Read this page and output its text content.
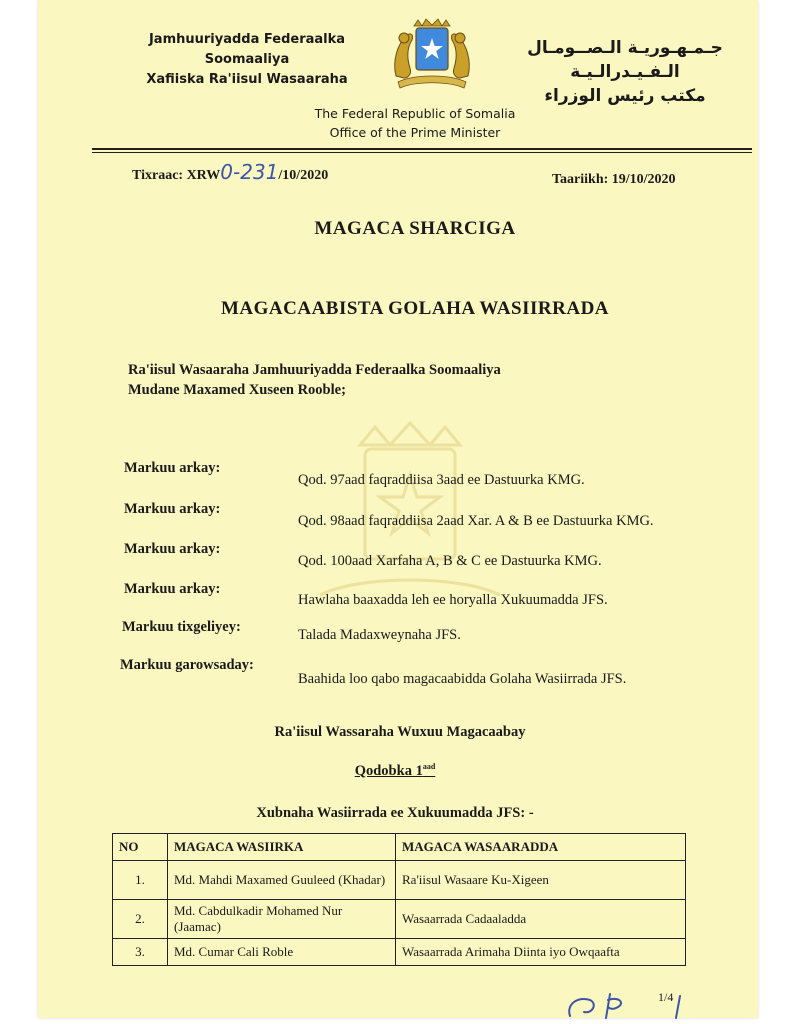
Jamhuuriyadda Federaalka Soomaaliya
Xafiiska Ra'iisul Wasaaraha
جـمـهـوريـة الـصــومـال الـفـيـدرالـيـة
مكتب رئيس الوزراء
The Federal Republic of Somalia
Office of the Prime Minister
Tixraac: XRW0-231/10/2020	Taariikh: 19/10/2020
MAGACA SHARCIGA
MAGACAABISTA GOLAHA WASIIRRADA
Ra'iisul Wasaaraha Jamhuuriyadda Federaalka Soomaaliya
Mudane Maxamed Xuseen Rooble;
Markuu arkay:
Qod. 97aad faqraddiisa 3aad ee Dastuurka KMG.
Markuu arkay:
Qod. 98aad faqraddiisa 2aad Xar. A & B ee Dastuurka KMG.
Markuu arkay:
Qod. 100aad Xarfaha A, B & C ee Dastuurka KMG.
Markuu arkay:
Hawlaha baaxadda leh ee horyalla Xukuumadda JFS.
Markuu tixgeliyey:	Talada Madaxweynaha JFS.
Markuu garowsaday:
Baahida loo qabo magacaabidda Golaha Wasiirrada JFS.
Ra'iisul Wassaraha Wuxuu Magacaabay
Qodobka $1^{aad}$
Xubnaha Wasiirrada ee Xukuumadda JFS: -
NO	MAGACA WASIIRKA	MAGACA WASAARADDA
1.	Md. Mahdi Maxamed Guuleed (Khadar)	Ra'iisul Wasaare Ku-Xigeen
2.	Md. Cabdulkadir Mohamed Nur (Jaamac)	Wasaarrada Cadaaladda
3.	Md. Cumar Cali Roble	Wasaarrada Arimaha Diinta iyo Owqaafta
1/4
